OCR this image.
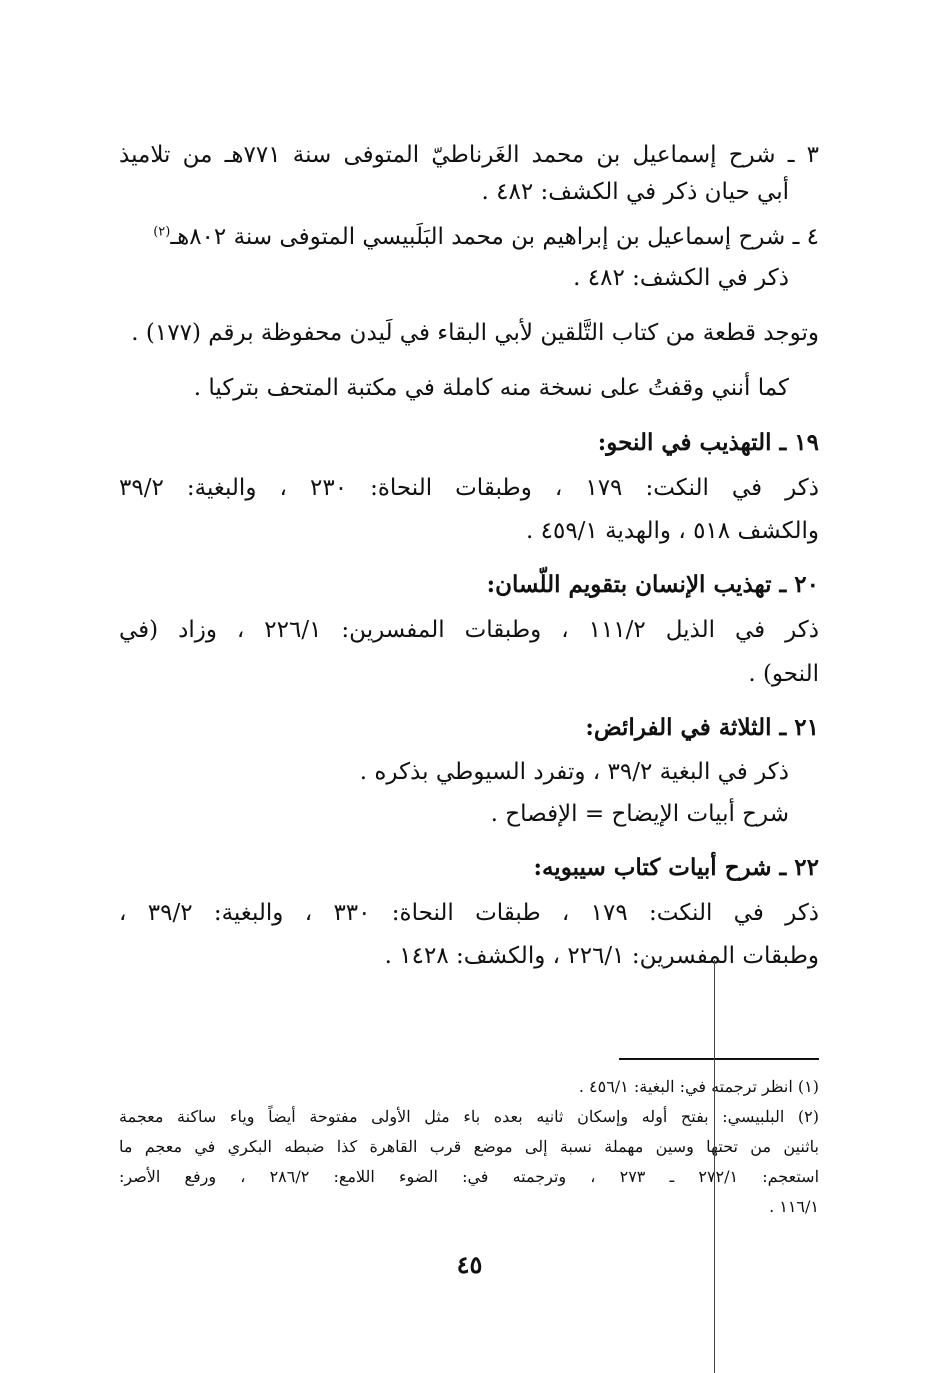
٣ ـ شرح إسماعيل بن محمد الغَرناطيّ المتوفى سنة ٧٧١هـ من تلاميذ
أبي حيان ذكر في الكشف: ٤٨٢ .
٤ ـ شرح إسماعيل بن إبراهيم بن محمد البَلَبيسي المتوفى سنة ٨٠٢هـ$^{(٢)}$
ذكر في الكشف: ٤٨٢ .
وتوجد قطعة من كتاب التَّلقين لأبي البقاء في لَيدن محفوظة برقم (١٧٧) .
كما أنني وقفتُ على نسخة منه كاملة في مكتبة المتحف بتركيا .
١٩ ـ التهذيب في النحو:
ذكر في النكت: ١٧٩ ، وطبقات النحاة: ٢٣٠ ، والبغية: ٣٩/٢
والكشف ٥١٨ ، والهدية ٤٥٩/١ .
٢٠ ـ تهذيب الإنسان بتقويم اللّسان:
ذكر في الذيل ١١١/٢ ، وطبقات المفسرين: ٢٢٦/١ ، وزاد (في
النحو) .
٢١ ـ الثلاثة في الفرائض:
ذكر في البغية ٣٩/٢ ، وتفرد السيوطي بذكره .
شرح أبيات الإيضاح = الإفصاح .
٢٢ ـ شرح أبيات كتاب سيبويه:
ذكر في النكت: ١٧٩ ، طبقات النحاة: ٣٣٠ ، والبغية: ٣٩/٢ ،
وطبقات المفسرين: ٢٢٦/١ ، والكشف: ١٤٢٨ .
(١) انظر ترجمته في: البغية: ٤٥٦/١ .
(٢) البلبيسي: بفتح أوله وإسكان ثانيه بعده باء مثل الأولى مفتوحة أيضاً وياء ساكنة معجمة
باثنين من تحتها وسين مهملة نسبة إلى موضع قرب القاهرة كذا ضبطه البكري في معجم ما
استعجم: ٢٧٢/١ ـ ٢٧٣ ، وترجمته في: الضوء اللامع: ٢٨٦/٢ ، ورفع الأصر:
١١٦/١ .
٤٥
